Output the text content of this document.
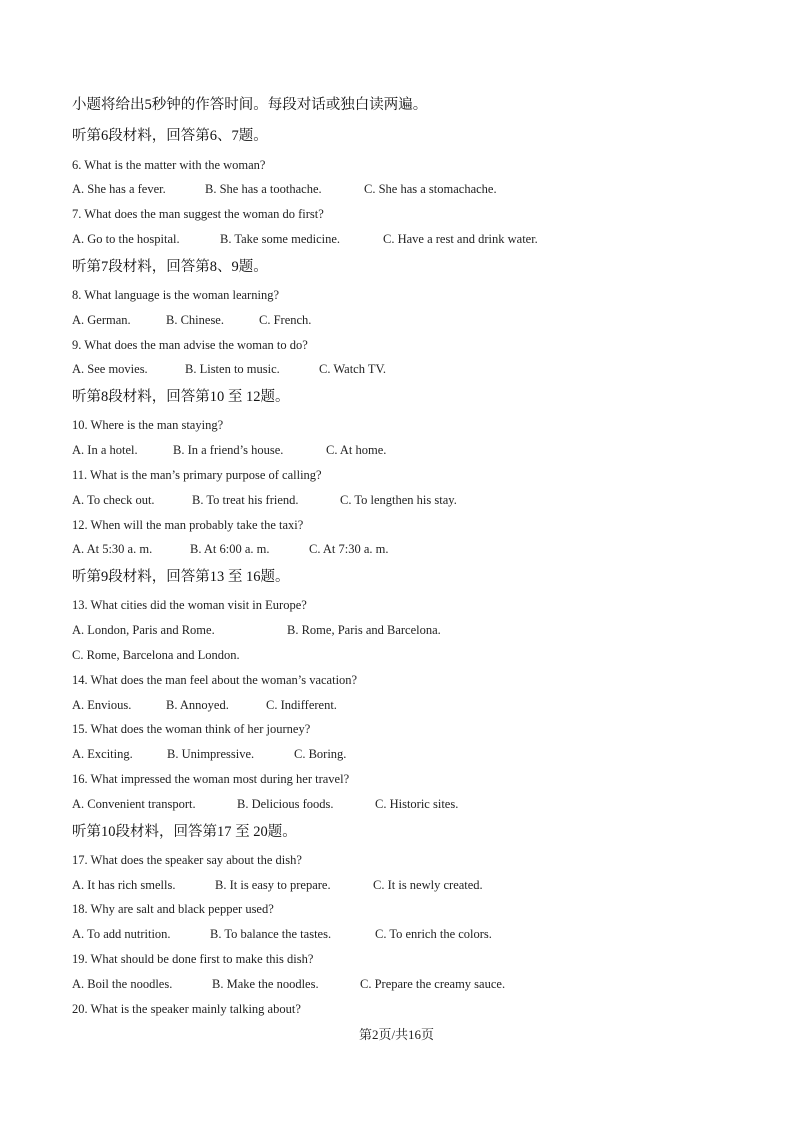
小题将给出5秒钟的作答时间。每段对话或独白读两遍。
听第6段材料，回答第6、7题。
6. What is the matter with the woman?
A. She has a fever.	B. She has a toothache.	C. She has a stomachache.
7. What does the man suggest the woman do first?
A. Go to the hospital.	B. Take some medicine.	C. Have a rest and drink water.
听第7段材料，回答第8、9题。
8. What language is the woman learning?
A. German.	B. Chinese.	C. French.
9. What does the man advise the woman to do?
A. See movies.	B. Listen to music.	C. Watch TV.
听第8段材料，回答第10 至 12题。
10. Where is the man staying?
A. In a hotel.	B. In a friend’s house.	C. At home.
11. What is the man’s primary purpose of calling?
A. To check out.	B. To treat his friend.	C. To lengthen his stay.
12. When will the man probably take the taxi?
A. At 5:30 a. m.	B. At 6:00 a. m.	C. At 7:30 a. m.
听第9段材料，回答第13 至 16题。
13. What cities did the woman visit in Europe?
A. London, Paris and Rome.	B. Rome, Paris and Barcelona.
C. Rome, Barcelona and London.
14. What does the man feel about the woman’s vacation?
A. Envious.	B. Annoyed.	C. Indifferent.
15. What does the woman think of her journey?
A. Exciting.	B. Unimpressive.	C. Boring.
16. What impressed the woman most during her travel?
A. Convenient transport.	B. Delicious foods.	C. Historic sites.
听第10段材料，回答第17 至 20题。
17. What does the speaker say about the dish?
A. It has rich smells.	B. It is easy to prepare.	C. It is newly created.
18. Why are salt and black pepper used?
A. To add nutrition.	B. To balance the tastes.	C. To enrich the colors.
19. What should be done first to make this dish?
A. Boil the noodles.	B. Make the noodles.	C. Prepare the creamy sauce.
20. What is the speaker mainly talking about?
第2页/共16页
